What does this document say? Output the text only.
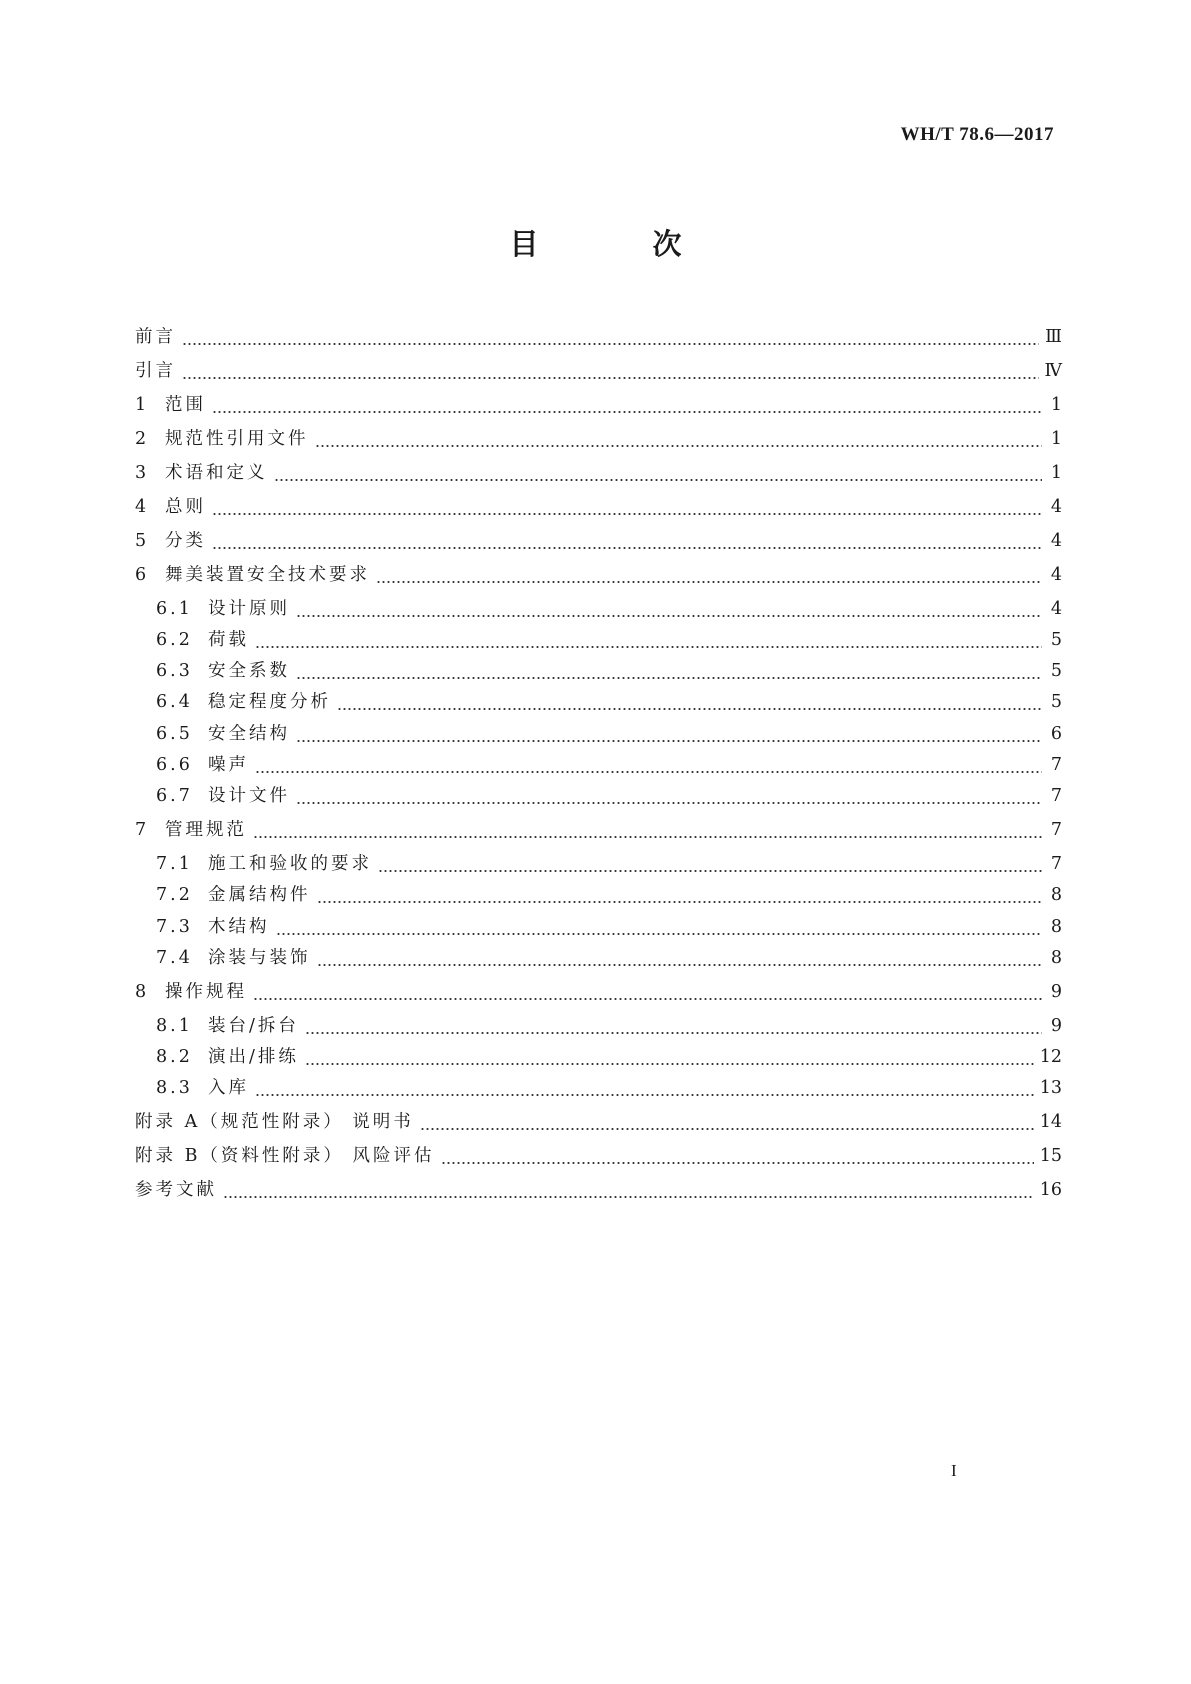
WH/T 78.6—2017
目 次
前言	Ⅲ
引言	Ⅳ
1	范围	1
2	规范性引用文件	1
3	术语和定义	1
4	总则	4
5	分类	4
6	舞美装置安全技术要求	4
6.1 设计原则	4
6.2 荷载	5
6.3 安全系数	5
6.4 稳定程度分析	5
6.5 安全结构	6
6.6 噪声	7
6.7 设计文件	7
7	管理规范	7
7.1 施工和验收的要求	7
7.2 金属结构件	8
7.3 木结构	8
7.4 涂装与装饰	8
8	操作规程	9
8.1 装台/拆台	9
8.2 演出/排练	12
8.3 入库	13
附录 A（规范性附录） 说明书	14
附录 B（资料性附录） 风险评估	15
参考文献	16
I
